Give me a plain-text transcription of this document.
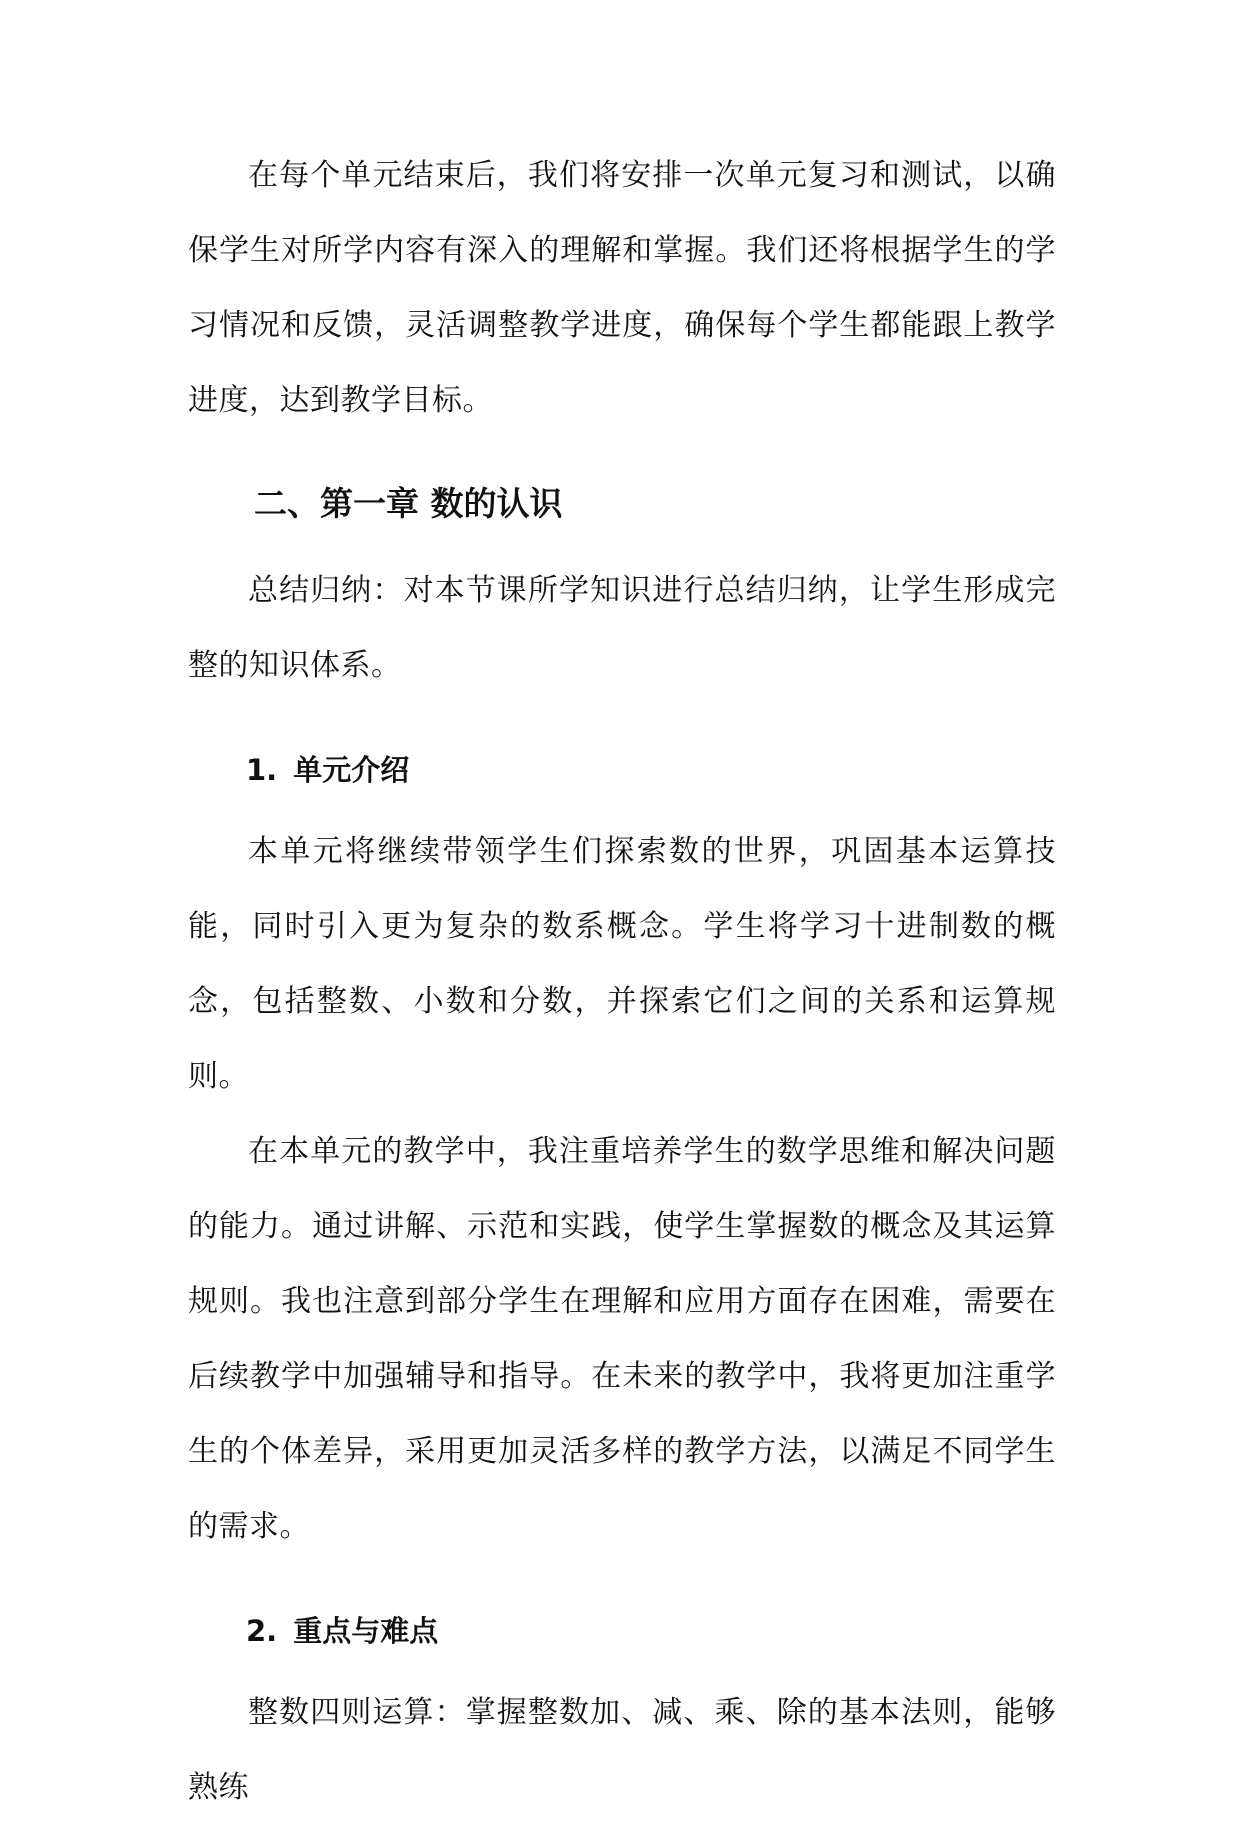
在每个单元结束后，我们将安排一次单元复习和测试，以确保学生对所学内容有深入的理解和掌握。我们还将根据学生的学习情况和反馈，灵活调整教学进度，确保每个学生都能跟上教学进度，达到教学目标。

二、第一章 数的认识

总结归纳：对本节课所学知识进行总结归纳，让学生形成完整的知识体系。

1. 单元介绍

本单元将继续带领学生们探索数的世界，巩固基本运算技能，同时引入更为复杂的数系概念。学生将学习十进制数的概念，包括整数、小数和分数，并探索它们之间的关系和运算规则。

在本单元的教学中，我注重培养学生的数学思维和解决问题的能力。通过讲解、示范和实践，使学生掌握数的概念及其运算规则。我也注意到部分学生在理解和应用方面存在困难，需要在后续教学中加强辅导和指导。在未来的教学中，我将更加注重学生的个体差异，采用更加灵活多样的教学方法，以满足不同学生的需求。

2. 重点与难点

整数四则运算：掌握整数加、减、乘、除的基本法则，能够熟练
